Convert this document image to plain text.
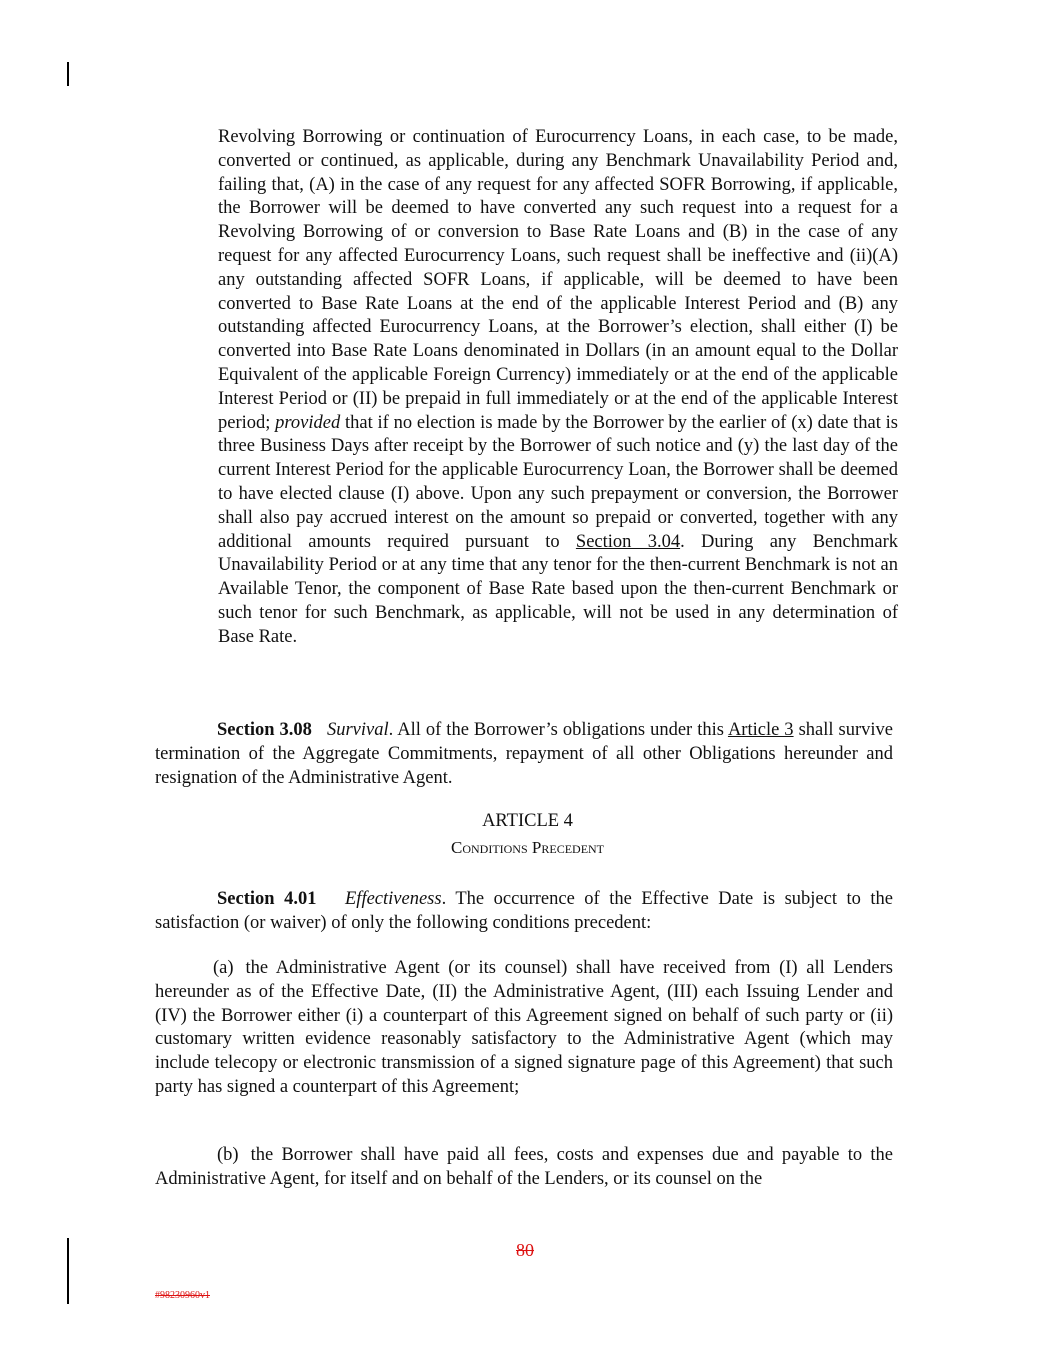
Revolving Borrowing or continuation of Eurocurrency Loans, in each case, to be made, converted or continued, as applicable, during any Benchmark Unavailability Period and, failing that, (A) in the case of any request for any affected SOFR Borrowing, if applicable, the Borrower will be deemed to have converted any such request into a request for a Revolving Borrowing of or conversion to Base Rate Loans and (B) in the case of any request for any affected Eurocurrency Loans, such request shall be ineffective and (ii)(A) any outstanding affected SOFR Loans, if applicable, will be deemed to have been converted to Base Rate Loans at the end of the applicable Interest Period and (B) any outstanding affected Eurocurrency Loans, at the Borrower’s election, shall either (I) be converted into Base Rate Loans denominated in Dollars (in an amount equal to the Dollar Equivalent of the applicable Foreign Currency) immediately or at the end of the applicable Interest Period or (II) be prepaid in full immediately or at the end of the applicable Interest period; provided that if no election is made by the Borrower by the earlier of (x) date that is three Business Days after receipt by the Borrower of such notice and (y) the last day of the current Interest Period for the applicable Eurocurrency Loan, the Borrower shall be deemed to have elected clause (I) above. Upon any such prepayment or conversion, the Borrower shall also pay accrued interest on the amount so prepaid or converted, together with any additional amounts required pursuant to Section 3.04. During any Benchmark Unavailability Period or at any time that any tenor for the then-current Benchmark is not an Available Tenor, the component of Base Rate based upon the then-current Benchmark or such tenor for such Benchmark, as applicable, will not be used in any determination of Base Rate.

Section 3.08 Survival. All of the Borrower’s obligations under this Article 3 shall survive termination of the Aggregate Commitments, repayment of all other Obligations hereunder and resignation of the Administrative Agent.

ARTICLE 4
Conditions Precedent

Section 4.01 Effectiveness. The occurrence of the Effective Date is subject to the satisfaction (or waiver) of only the following conditions precedent:

(a) the Administrative Agent (or its counsel) shall have received from (I) all Lenders hereunder as of the Effective Date, (II) the Administrative Agent, (III) each Issuing Lender and (IV) the Borrower either (i) a counterpart of this Agreement signed on behalf of such party or (ii) customary written evidence reasonably satisfactory to the Administrative Agent (which may include telecopy or electronic transmission of a signed signature page of this Agreement) that such party has signed a counterpart of this Agreement;

(b) the Borrower shall have paid all fees, costs and expenses due and payable to the Administrative Agent, for itself and on behalf of the Lenders, or its counsel on the

80
#98230960v1
